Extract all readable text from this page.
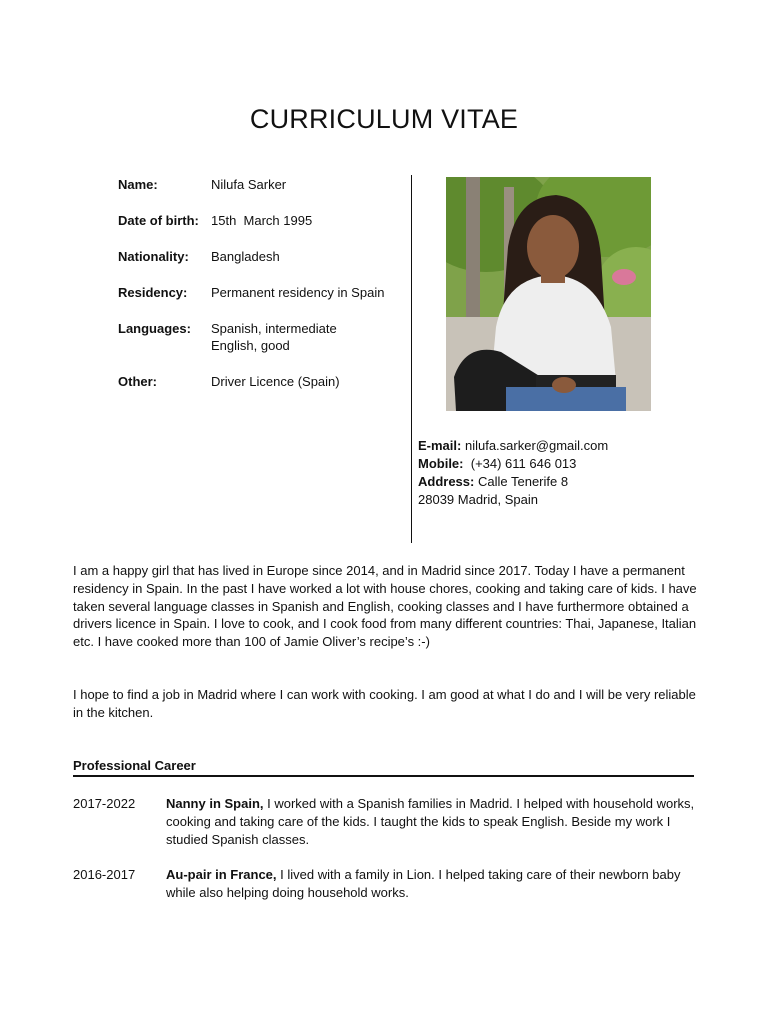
CURRICULUM VITAE
Name:	Nilufa Sarker
Date of birth: 15th  March 1995
Nationality:	Bangladesh
Residency:	Permanent residency in Spain
Languages:	Spanish, intermediate
English, good
Other:	Driver Licence (Spain)
E-mail: nilufa.sarker@gmail.com
Mobile: (+34) 611 646 013
Address: Calle Tenerife 8
28039 Madrid, Spain
I am a happy girl that has lived in Europe since 2014, and in Madrid since 2017. Today I have a permanent residency in Spain. In the past I have worked a lot with house chores, cooking and taking care of kids. I have taken several language classes in Spanish and English, cooking classes and I have furthermore obtained a drivers licence in Spain. I love to cook, and I cook food from many different countries: Thai, Japanese, Italian etc. I have cooked more than 100 of Jamie Oliver’s recipe’s :-)
I hope to find a job in Madrid where I can work with cooking. I am good at what I do and I will be very reliable in the kitchen.
Professional Career
2017-2022	Nanny in Spain, I worked with a Spanish families in Madrid. I helped with household works, cooking and taking care of the kids. I taught the kids to speak English. Beside my work I studied Spanish classes.
2016-2017	Au-pair in France, I lived with a family in Lion. I helped taking care of their newborn baby while also helping doing household works.
